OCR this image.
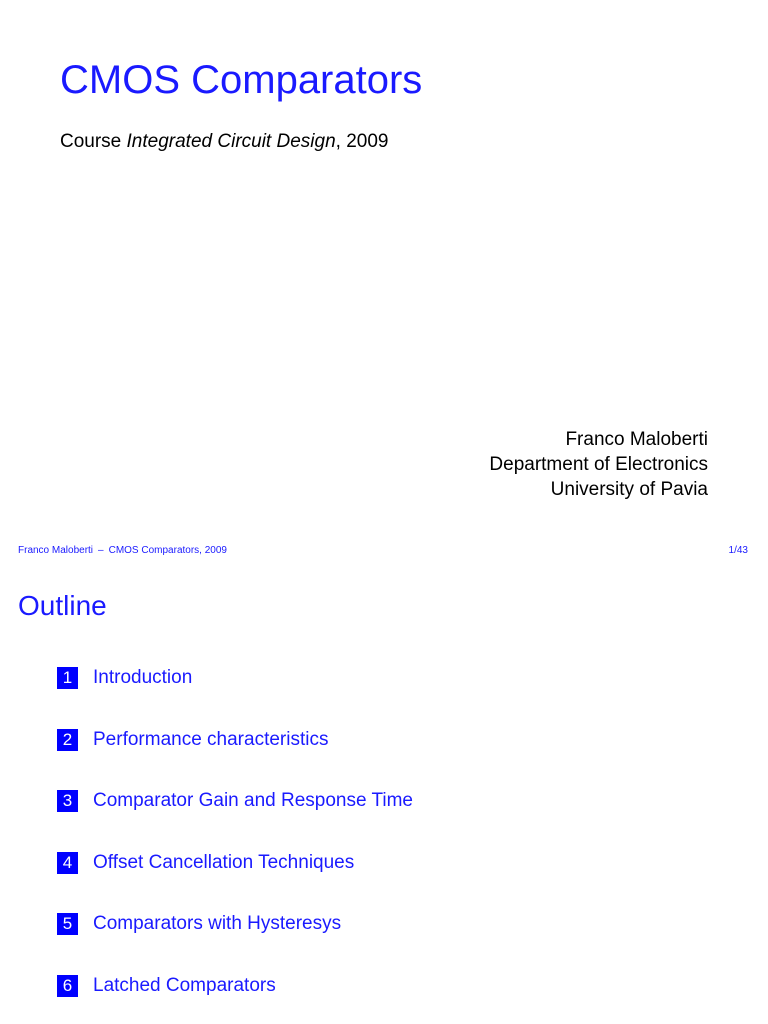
CMOS Comparators

Course Integrated Circuit Design, 2009

Franco Maloberti
Department of Electronics
University of Pavia
Franco Maloberti – CMOS Comparators, 2009	1/43
Outline
1	Introduction
2	Performance characteristics
3	Comparator Gain and Response Time
4	Offset Cancellation Techniques
5	Comparators with Hysteresys
6	Latched Comparators
